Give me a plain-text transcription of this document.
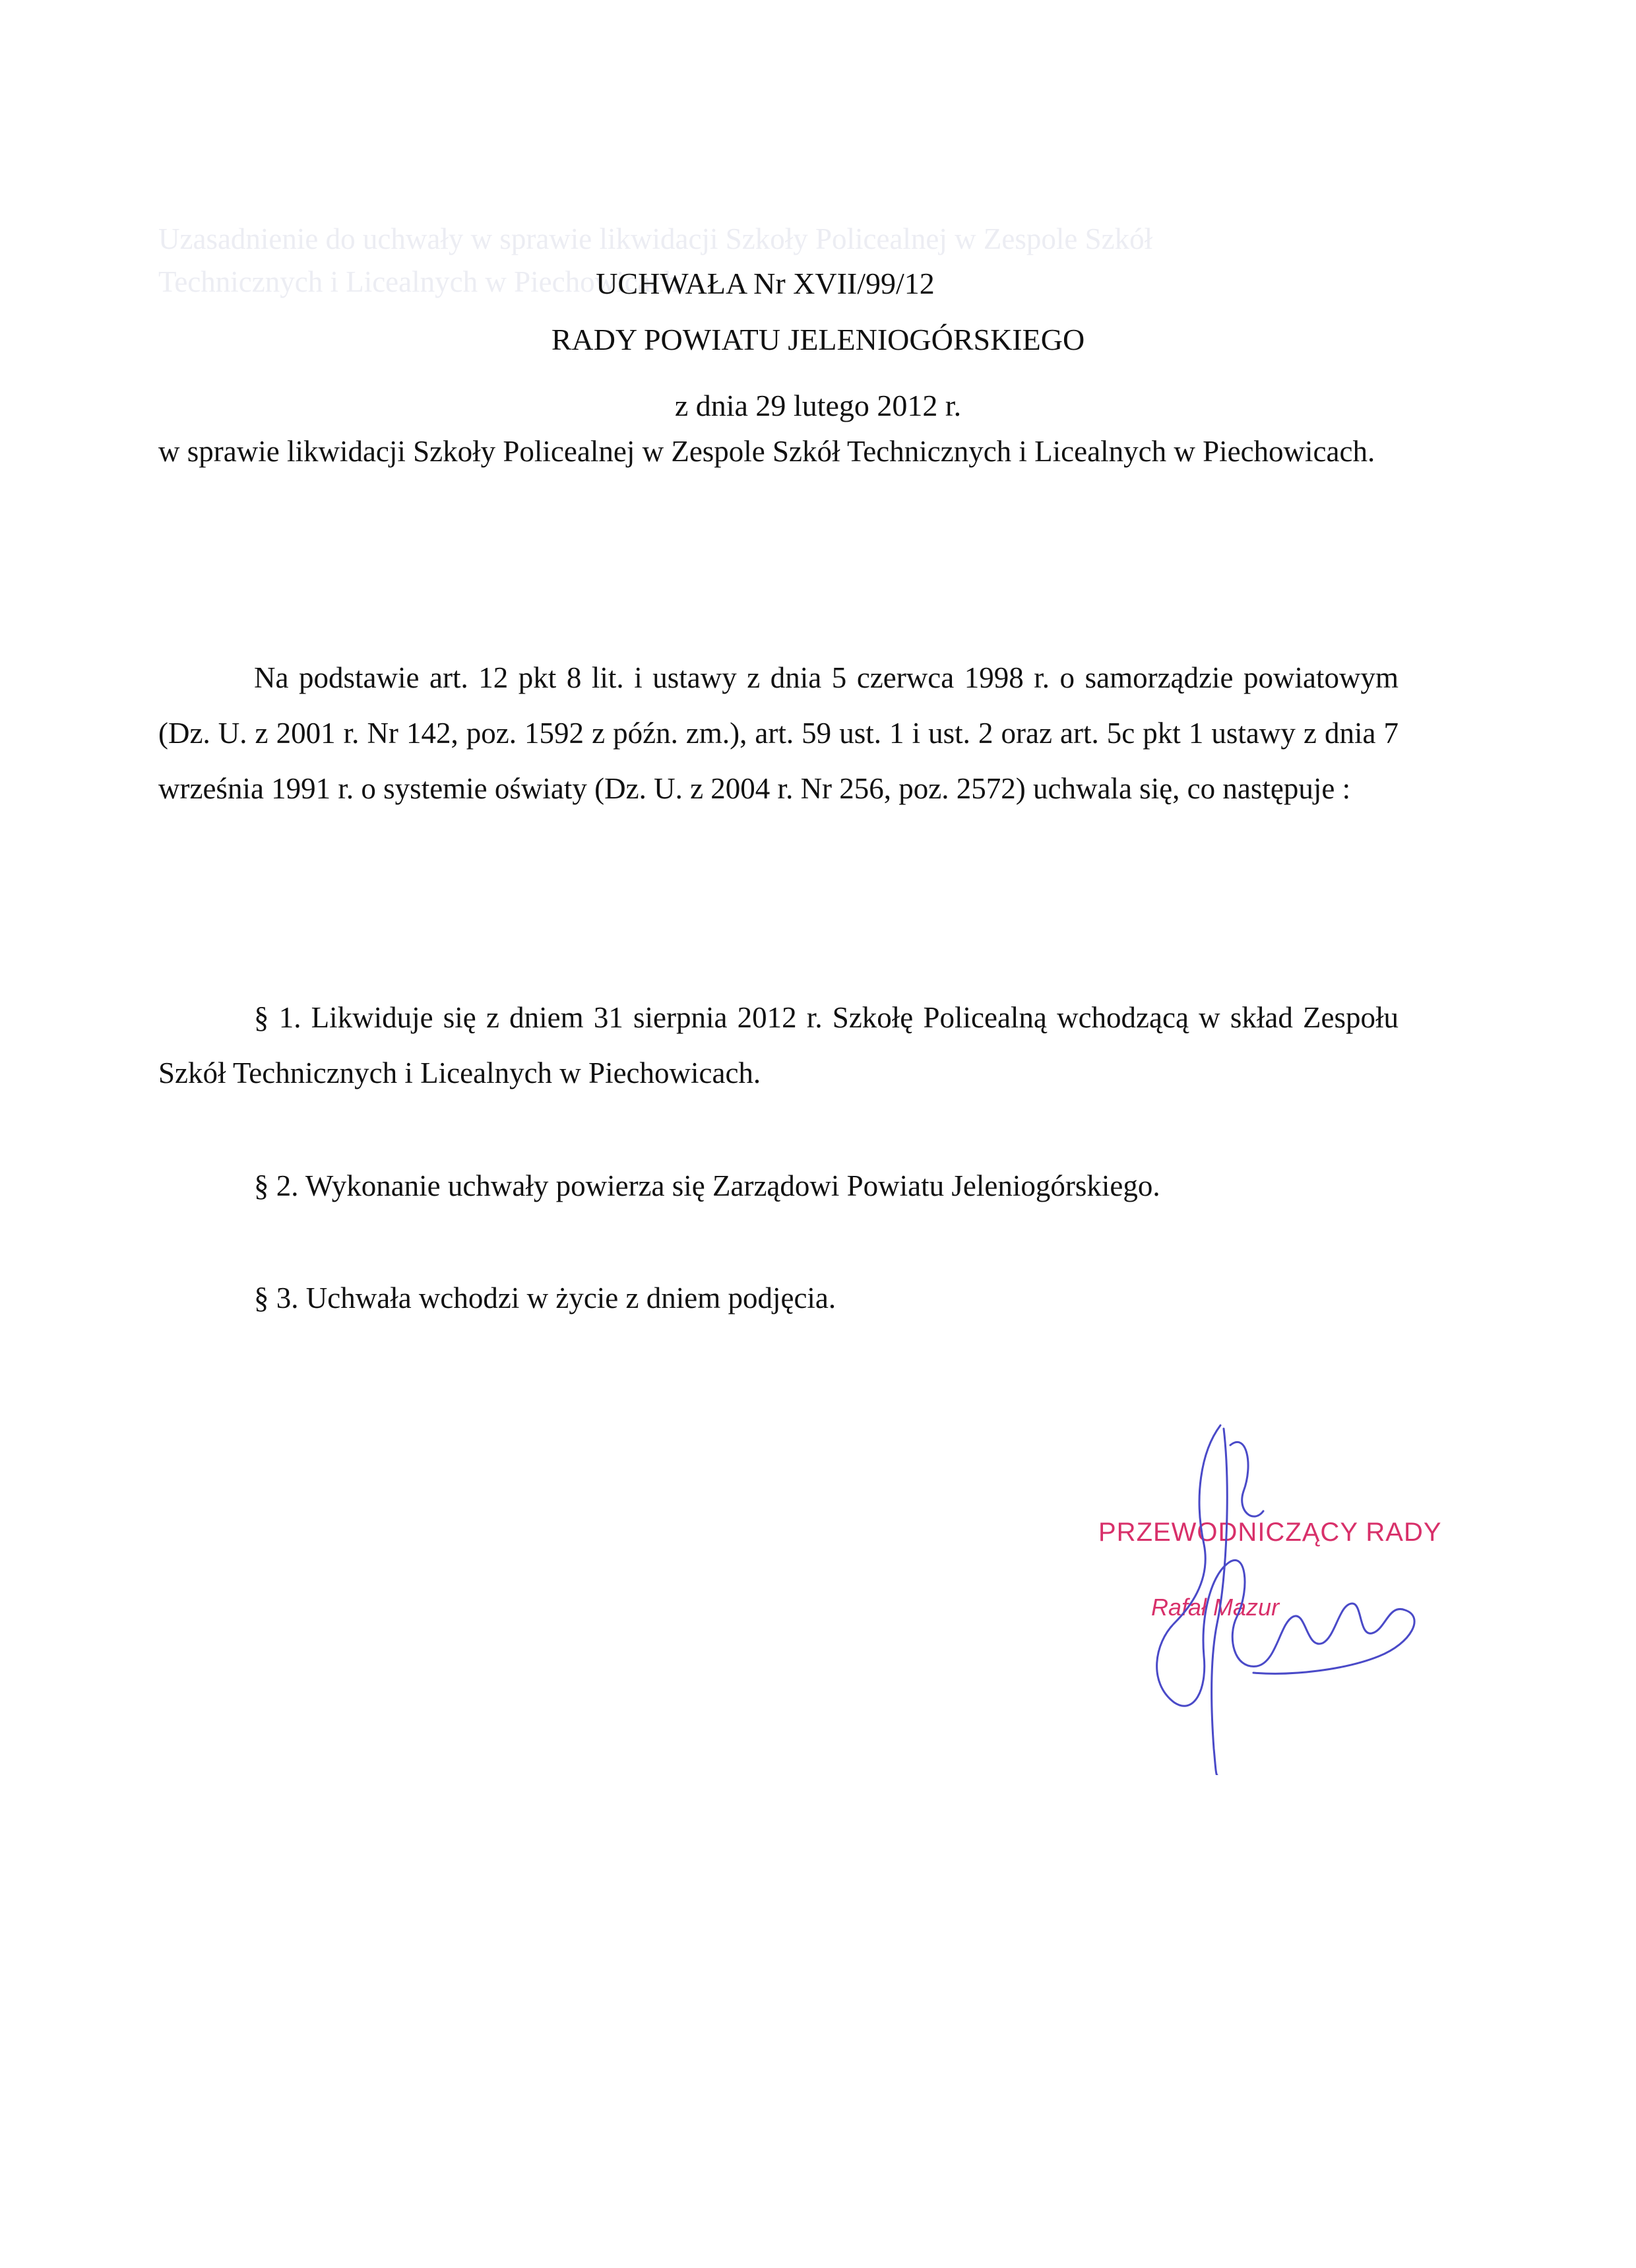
Uzasadnienie do uchwały w sprawie likwidacji Szkoły Policealnej w Zespole Szkół
Technicznych i Licealnych w Piechowicach
UCHWAŁA Nr XVII/99/12
RADY POWIATU JELENIOGÓRSKIEGO
z dnia 29 lutego 2012 r.
w sprawie likwidacji Szkoły Policealnej w Zespole Szkół Technicznych i Licealnych w Piechowicach.
Na podstawie art. 12 pkt 8 lit. i ustawy z dnia 5 czerwca 1998 r. o samorządzie powiatowym (Dz. U. z 2001 r. Nr 142, poz. 1592 z późn. zm.), art. 59 ust. 1 i ust. 2 oraz art. 5c pkt 1 ustawy z dnia 7 września 1991 r. o systemie oświaty (Dz. U. z 2004 r. Nr 256, poz. 2572) uchwala się, co następuje :
§ 1. Likwiduje się z dniem 31 sierpnia 2012 r. Szkołę Policealną wchodzącą w skład Zespołu Szkół Technicznych i Licealnych w Piechowicach.
§ 2. Wykonanie uchwały powierza się Zarządowi Powiatu Jeleniogórskiego.
§ 3. Uchwała wchodzi w życie z dniem podjęcia.
PRZEWODNICZĄCY RADY
Rafał Mazur
